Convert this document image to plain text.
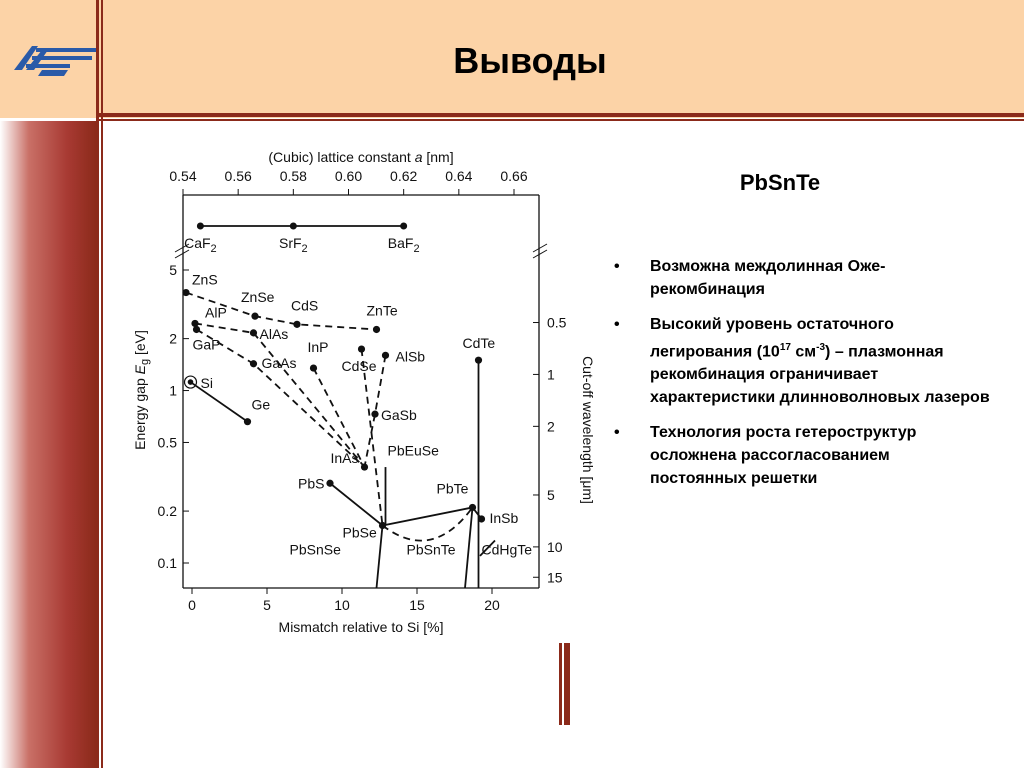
Выводы
0.54 0.56 0.58 0.60 0.62 0.64 0.66
0	5	10	15	20
5
2
1
0.5
0.2
0.1
0.5
1
2
5
10
15
CaF$_2$	SrF$_2$	BaF$_2$
ZnS
AlP
GaP
Si
ZnSe
AlAs
GaAs
Ge
CdS	ZnTe
InP
CdSe
AlSb
GaSb
InAs
PbS
PbSe
PbTe
InSb
CdTe
PbEuSe
PbSnSe	PbSnTe CdHgTe
(Cubic) lattice constant a [nm]
Mismatch relative to Si [%]
Energy gap $E_g$ [eV]
Cut-off wavelength [μm]
PbSnTe
• Возможна междолинная Оже-рекомбинация
• Высокий уровень остаточного легирования ($10^{17}$ $см^{-3}$) – плазмонная рекомбинация ограничивает характеристики длинноволновых лазеров
• Технология роста гетероструктур осложнена рассогласованием постоянных решетки
